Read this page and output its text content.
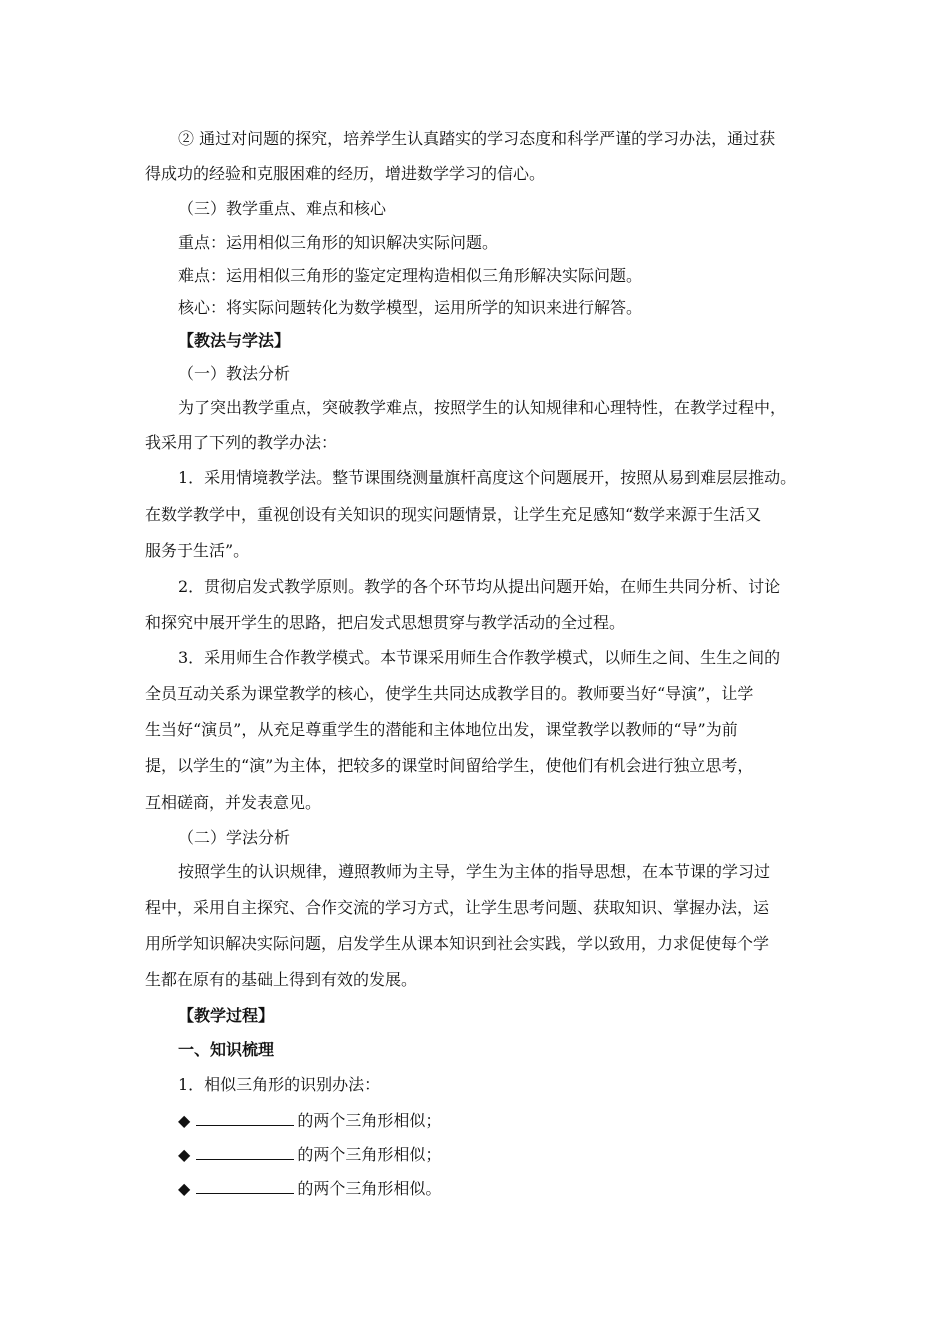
② 通过对问题的探究，培养学生认真踏实的学习态度和科学严谨的学习办法，通过获
得成功的经验和克服困难的经历，增进数学学习的信心。
（三）教学重点、难点和核心
重点：运用相似三角形的知识解决实际问题。
难点：运用相似三角形的鉴定定理构造相似三角形解决实际问题。
核心：将实际问题转化为数学模型，运用所学的知识来进行解答。
【教法与学法】
（一）教法分析
为了突出教学重点，突破教学难点，按照学生的认知规律和心理特性，在教学过程中，
我采用了下列的教学办法：
1．采用情境教学法。整节课围绕测量旗杆高度这个问题展开，按照从易到难层层推动。
在数学教学中，重视创设有关知识的现实问题情景，让学生充足感知“数学来源于生活又
服务于生活”。
2．贯彻启发式教学原则。教学的各个环节均从提出问题开始，在师生共同分析、讨论
和探究中展开学生的思路，把启发式思想贯穿与教学活动的全过程。
3．采用师生合作教学模式。本节课采用师生合作教学模式，以师生之间、生生之间的
全员互动关系为课堂教学的核心，使学生共同达成教学目的。教师要当好“导演”，让学
生当好“演员”，从充足尊重学生的潜能和主体地位出发，课堂教学以教师的“导”为前
提，以学生的“演”为主体，把较多的课堂时间留给学生，使他们有机会进行独立思考，
互相磋商，并发表意见。
（二）学法分析
按照学生的认识规律，遵照教师为主导，学生为主体的指导思想，在本节课的学习过
程中，采用自主探究、合作交流的学习方式，让学生思考问题、获取知识、掌握办法，运
用所学知识解决实际问题，启发学生从课本知识到社会实践，学以致用，力求促使每个学
生都在原有的基础上得到有效的发展。
【教学过程】
一、知识梳理
1．相似三角形的识别办法：
◆	的两个三角形相似；
◆	的两个三角形相似；
◆	的两个三角形相似。
